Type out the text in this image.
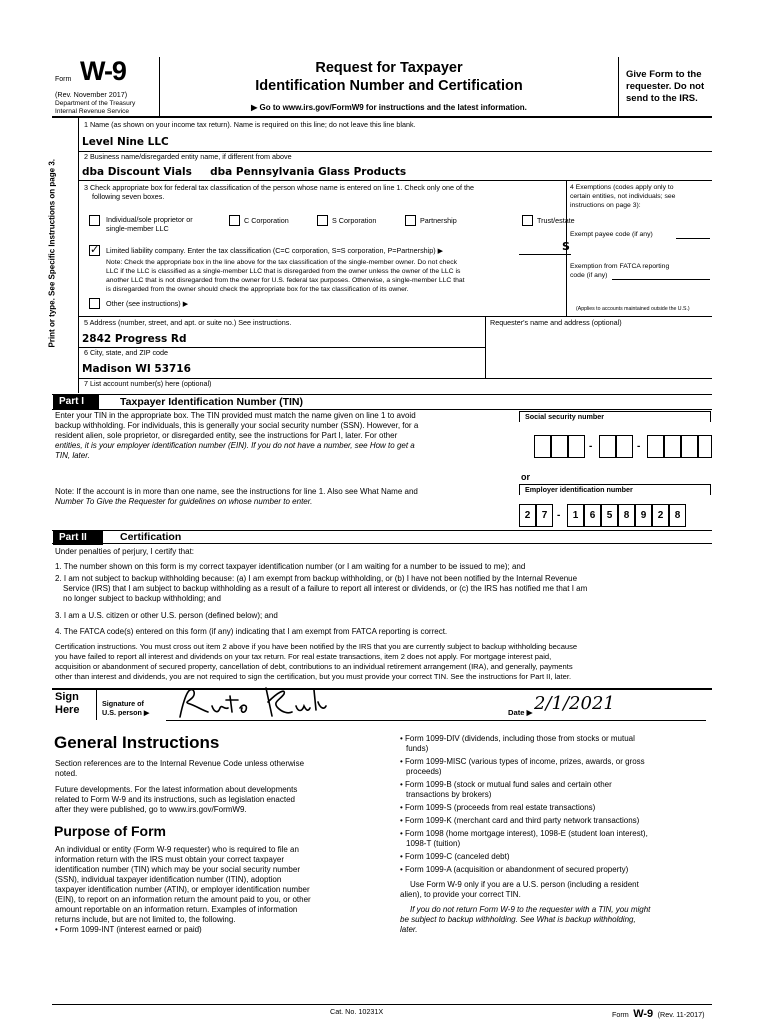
Form W-9
(Rev. November 2017)
Department of the Treasury
Internal Revenue Service
Request for Taxpayer
Identification Number and Certification
▶ Go to www.irs.gov/FormW9 for instructions and the latest information.
Give Form to the
requester. Do not
send to the IRS.
Print or type. See Specific Instructions on page 3.
1 Name (as shown on your income tax return). Name is required on this line; do not leave this line blank.
Level Nine LLC
2 Business name/disregarded entity name, if different from above
dba Discount Vials     dba Pennsylvania Glass Products
3 Check appropriate box for federal tax classification of the person whose name is entered on line 1. Check only one of the
following seven boxes.
Individual/sole proprietor or
single-member LLC
C Corporation	S Corporation	Partnership	Trust/estate
✓ Limited liability company. Enter the tax classification (C=C corporation, S=S corporation, P=Partnership) ▶	S
Note: Check the appropriate box in the line above for the tax classification of the single-member owner. Do not check
LLC if the LLC is classified as a single-member LLC that is disregarded from the owner unless the owner of the LLC is
another LLC that is not disregarded from the owner for U.S. federal tax purposes. Otherwise, a single-member LLC that
is disregarded from the owner should check the appropriate box for the tax classification of its owner.
Other (see instructions) ▶
4 Exemptions (codes apply only to
certain entities, not individuals; see
instructions on page 3):
Exempt payee code (if any)
Exemption from FATCA reporting
code (if any)
(Applies to accounts maintained outside the U.S.)
5 Address (number, street, and apt. or suite no.) See instructions.	Requester's name and address (optional)
2842 Progress Rd
6 City, state, and ZIP code
Madison WI 53716
7 List account number(s) here (optional)
Part I	Taxpayer Identification Number (TIN)
Enter your TIN in the appropriate box. The TIN provided must match the name given on line 1 to avoid
backup withholding. For individuals, this is generally your social security number (SSN). However, for a
resident alien, sole proprietor, or disregarded entity, see the instructions for Part I, later. For other
entities, it is your employer identification number (EIN). If you do not have a number, see How to get a
TIN, later.
Note: If the account is in more than one name, see the instructions for line 1. Also see What Name and
Number To Give the Requester for guidelines on whose number to enter.
Social security number
-	-
or
Employer identification number
2	7 -	1	6	5	8	9	2	8
Part II	Certification
Under penalties of perjury, I certify that:
1. The number shown on this form is my correct taxpayer identification number (or I am waiting for a number to be issued to me); and
2. I am not subject to backup withholding because: (a) I am exempt from backup withholding, or (b) I have not been notified by the Internal Revenue
Service (IRS) that I am subject to backup withholding as a result of a failure to report all interest or dividends, or (c) the IRS has notified me that I am
no longer subject to backup withholding; and
3. I am a U.S. citizen or other U.S. person (defined below); and
4. The FATCA code(s) entered on this form (if any) indicating that I am exempt from FATCA reporting is correct.
Certification instructions. You must cross out item 2 above if you have been notified by the IRS that you are currently subject to backup withholding because
you have failed to report all interest and dividends on your tax return. For real estate transactions, item 2 does not apply. For mortgage interest paid,
acquisition or abandonment of secured property, cancellation of debt, contributions to an individual retirement arrangement (IRA), and generally, payments
other than interest and dividends, you are not required to sign the certification, but you must provide your correct TIN. See the instructions for Part II, later.
Sign
Here
Signature of
U.S. person ▶	Date ▶ 2/1/2021
General Instructions
Section references are to the Internal Revenue Code unless otherwise
noted.
Future developments. For the latest information about developments
related to Form W-9 and its instructions, such as legislation enacted
after they were published, go to www.irs.gov/FormW9.
Purpose of Form
An individual or entity (Form W-9 requester) who is required to file an
information return with the IRS must obtain your correct taxpayer
identification number (TIN) which may be your social security number
(SSN), individual taxpayer identification number (ITIN), adoption
taxpayer identification number (ATIN), or employer identification number
(EIN), to report on an information return the amount paid to you, or other
amount reportable on an information return. Examples of information
returns include, but are not limited to, the following.
• Form 1099-INT (interest earned or paid)
• Form 1099-DIV (dividends, including those from stocks or mutual
funds)
• Form 1099-MISC (various types of income, prizes, awards, or gross
proceeds)
• Form 1099-B (stock or mutual fund sales and certain other
transactions by brokers)
• Form 1099-S (proceeds from real estate transactions)
• Form 1099-K (merchant card and third party network transactions)
• Form 1098 (home mortgage interest), 1098-E (student loan interest),
1098-T (tuition)
• Form 1099-C (canceled debt)
• Form 1099-A (acquisition or abandonment of secured property)
Use Form W-9 only if you are a U.S. person (including a resident
alien), to provide your correct TIN.
If you do not return Form W-9 to the requester with a TIN, you might
be subject to backup withholding. See What is backup withholding,
later.
Cat. No. 10231X	Form W-9 (Rev. 11-2017)
